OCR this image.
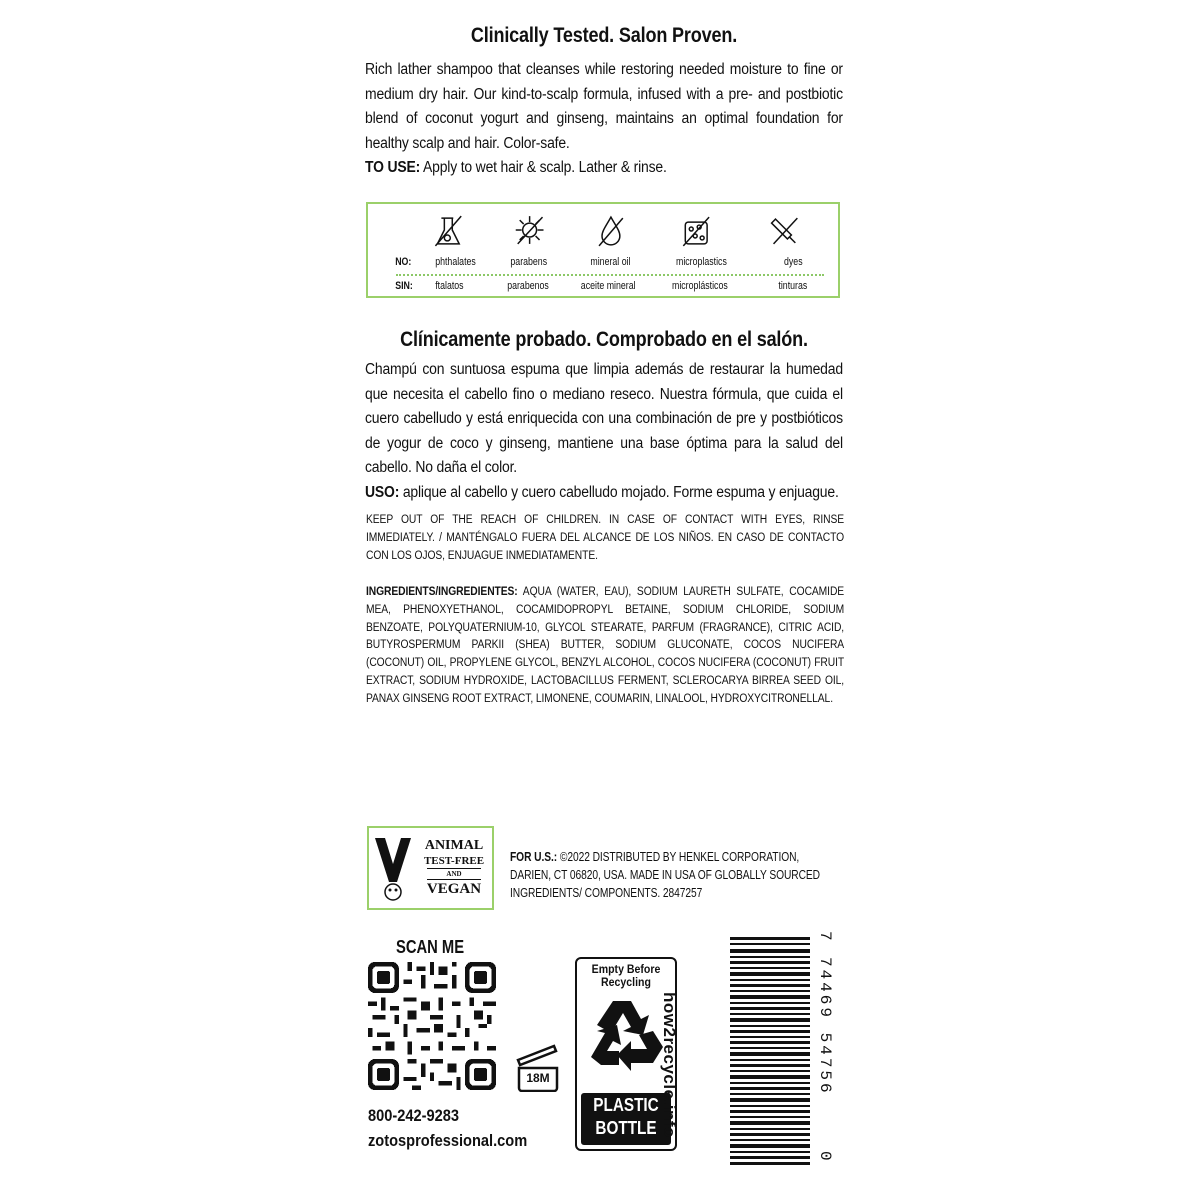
Clinically Tested. Salon Proven.
Rich lather shampoo that cleanses while restoring needed moisture to fine or medium dry hair. Our kind-to-scalp formula, infused with a pre- and postbiotic blend of coconut yogurt and ginseng, maintains an optimal foundation for healthy scalp and hair. Color-safe.
TO USE: Apply to wet hair & scalp. Lather & rinse.
NO: phthalates	parabens	mineral oil	microplastics	dyes
SIN: ftalatos	parabenos	aceite mineral	microplásticos	tinturas
Clínicamente probado. Comprobado en el salón.
Champú con suntuosa espuma que limpia además de restaurar la humedad que necesita el cabello fino o mediano reseco. Nuestra fórmula, que cuida el cuero cabelludo y está enriquecida con una combinación de pre y postbióticos de yogur de coco y ginseng, mantiene una base óptima para la salud del cabello. No daña el color.
USO: aplique al cabello y cuero cabelludo mojado. Forme espuma y enjuague.
KEEP OUT OF THE REACH OF CHILDREN. IN CASE OF CONTACT WITH EYES, RINSE IMMEDIATELY. / MANTÉNGALO FUERA DEL ALCANCE DE LOS NIÑOS. EN CASO DE CONTACTO CON LOS OJOS, ENJUAGUE INMEDIATAMENTE.
INGREDIENTS/INGREDIENTES: AQUA (WATER, EAU), SODIUM LAURETH SULFATE, COCAMIDE MEA, PHENOXYETHANOL, COCAMIDOPROPYL BETAINE, SODIUM CHLORIDE, SODIUM BENZOATE, POLYQUATERNIUM-10, GLYCOL STEARATE, PARFUM (FRAGRANCE), CITRIC ACID, BUTYROSPERMUM PARKII (SHEA) BUTTER, SODIUM GLUCONATE, COCOS NUCIFERA (COCONUT) OIL, PROPYLENE GLYCOL, BENZYL ALCOHOL, COCOS NUCIFERA (COCONUT) FRUIT EXTRACT, SODIUM HYDROXIDE, LACTOBACILLUS FERMENT, SCLEROCARYA BIRREA SEED OIL, PANAX GINSENG ROOT EXTRACT, LIMONENE, COUMARIN, LINALOOL, HYDROXYCITRONELLAL.
ANIMAL
TEST-FREE
AND
VEGAN
FOR U.S.: ©2022 DISTRIBUTED BY HENKEL CORPORATION, DARIEN, CT 06820, USA. MADE IN USA OF GLOBALLY SOURCED INGREDIENTS/ COMPONENTS. 2847257
SCAN ME
800-242-9283
zotosprofessional.com
18M
Empty Before Recycling
PLASTIC
BOTTLE how2recycle.info
7
74469 54756
0
